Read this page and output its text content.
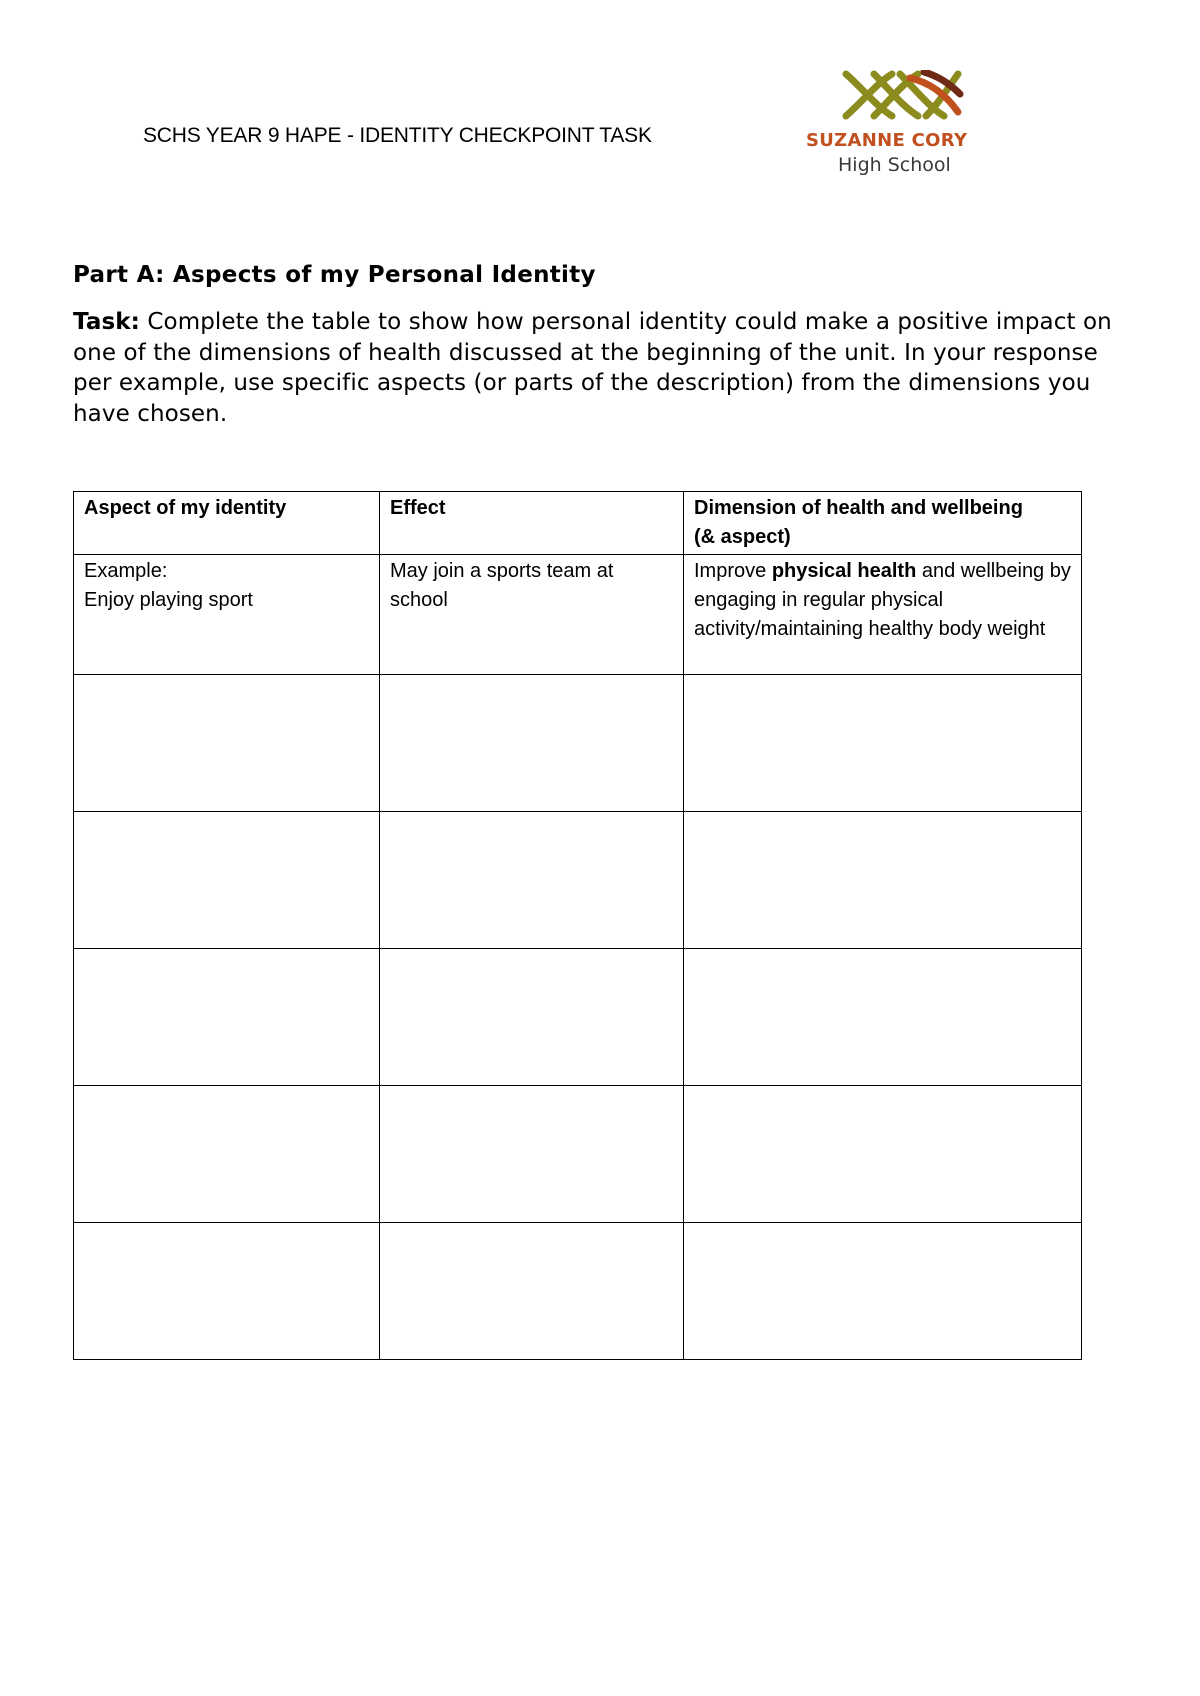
SCHS YEAR 9 HAPE - IDENTITY CHECKPOINT TASK	SUZANNE CORY
High School
Part A: Aspects of my Personal Identity
Task: Complete the table to show how personal identity could make a positive impact on one of the dimensions of health discussed at the beginning of the unit. In your response per example, use specific aspects (or parts of the description) from the dimensions you have chosen.
Aspect of my identity	Effect	Dimension of health and wellbeing
(& aspect)

Example:
Enjoy playing sport	May join a sports team at school	Improve physical health and wellbeing by engaging in regular physical activity/maintaining healthy body weight
